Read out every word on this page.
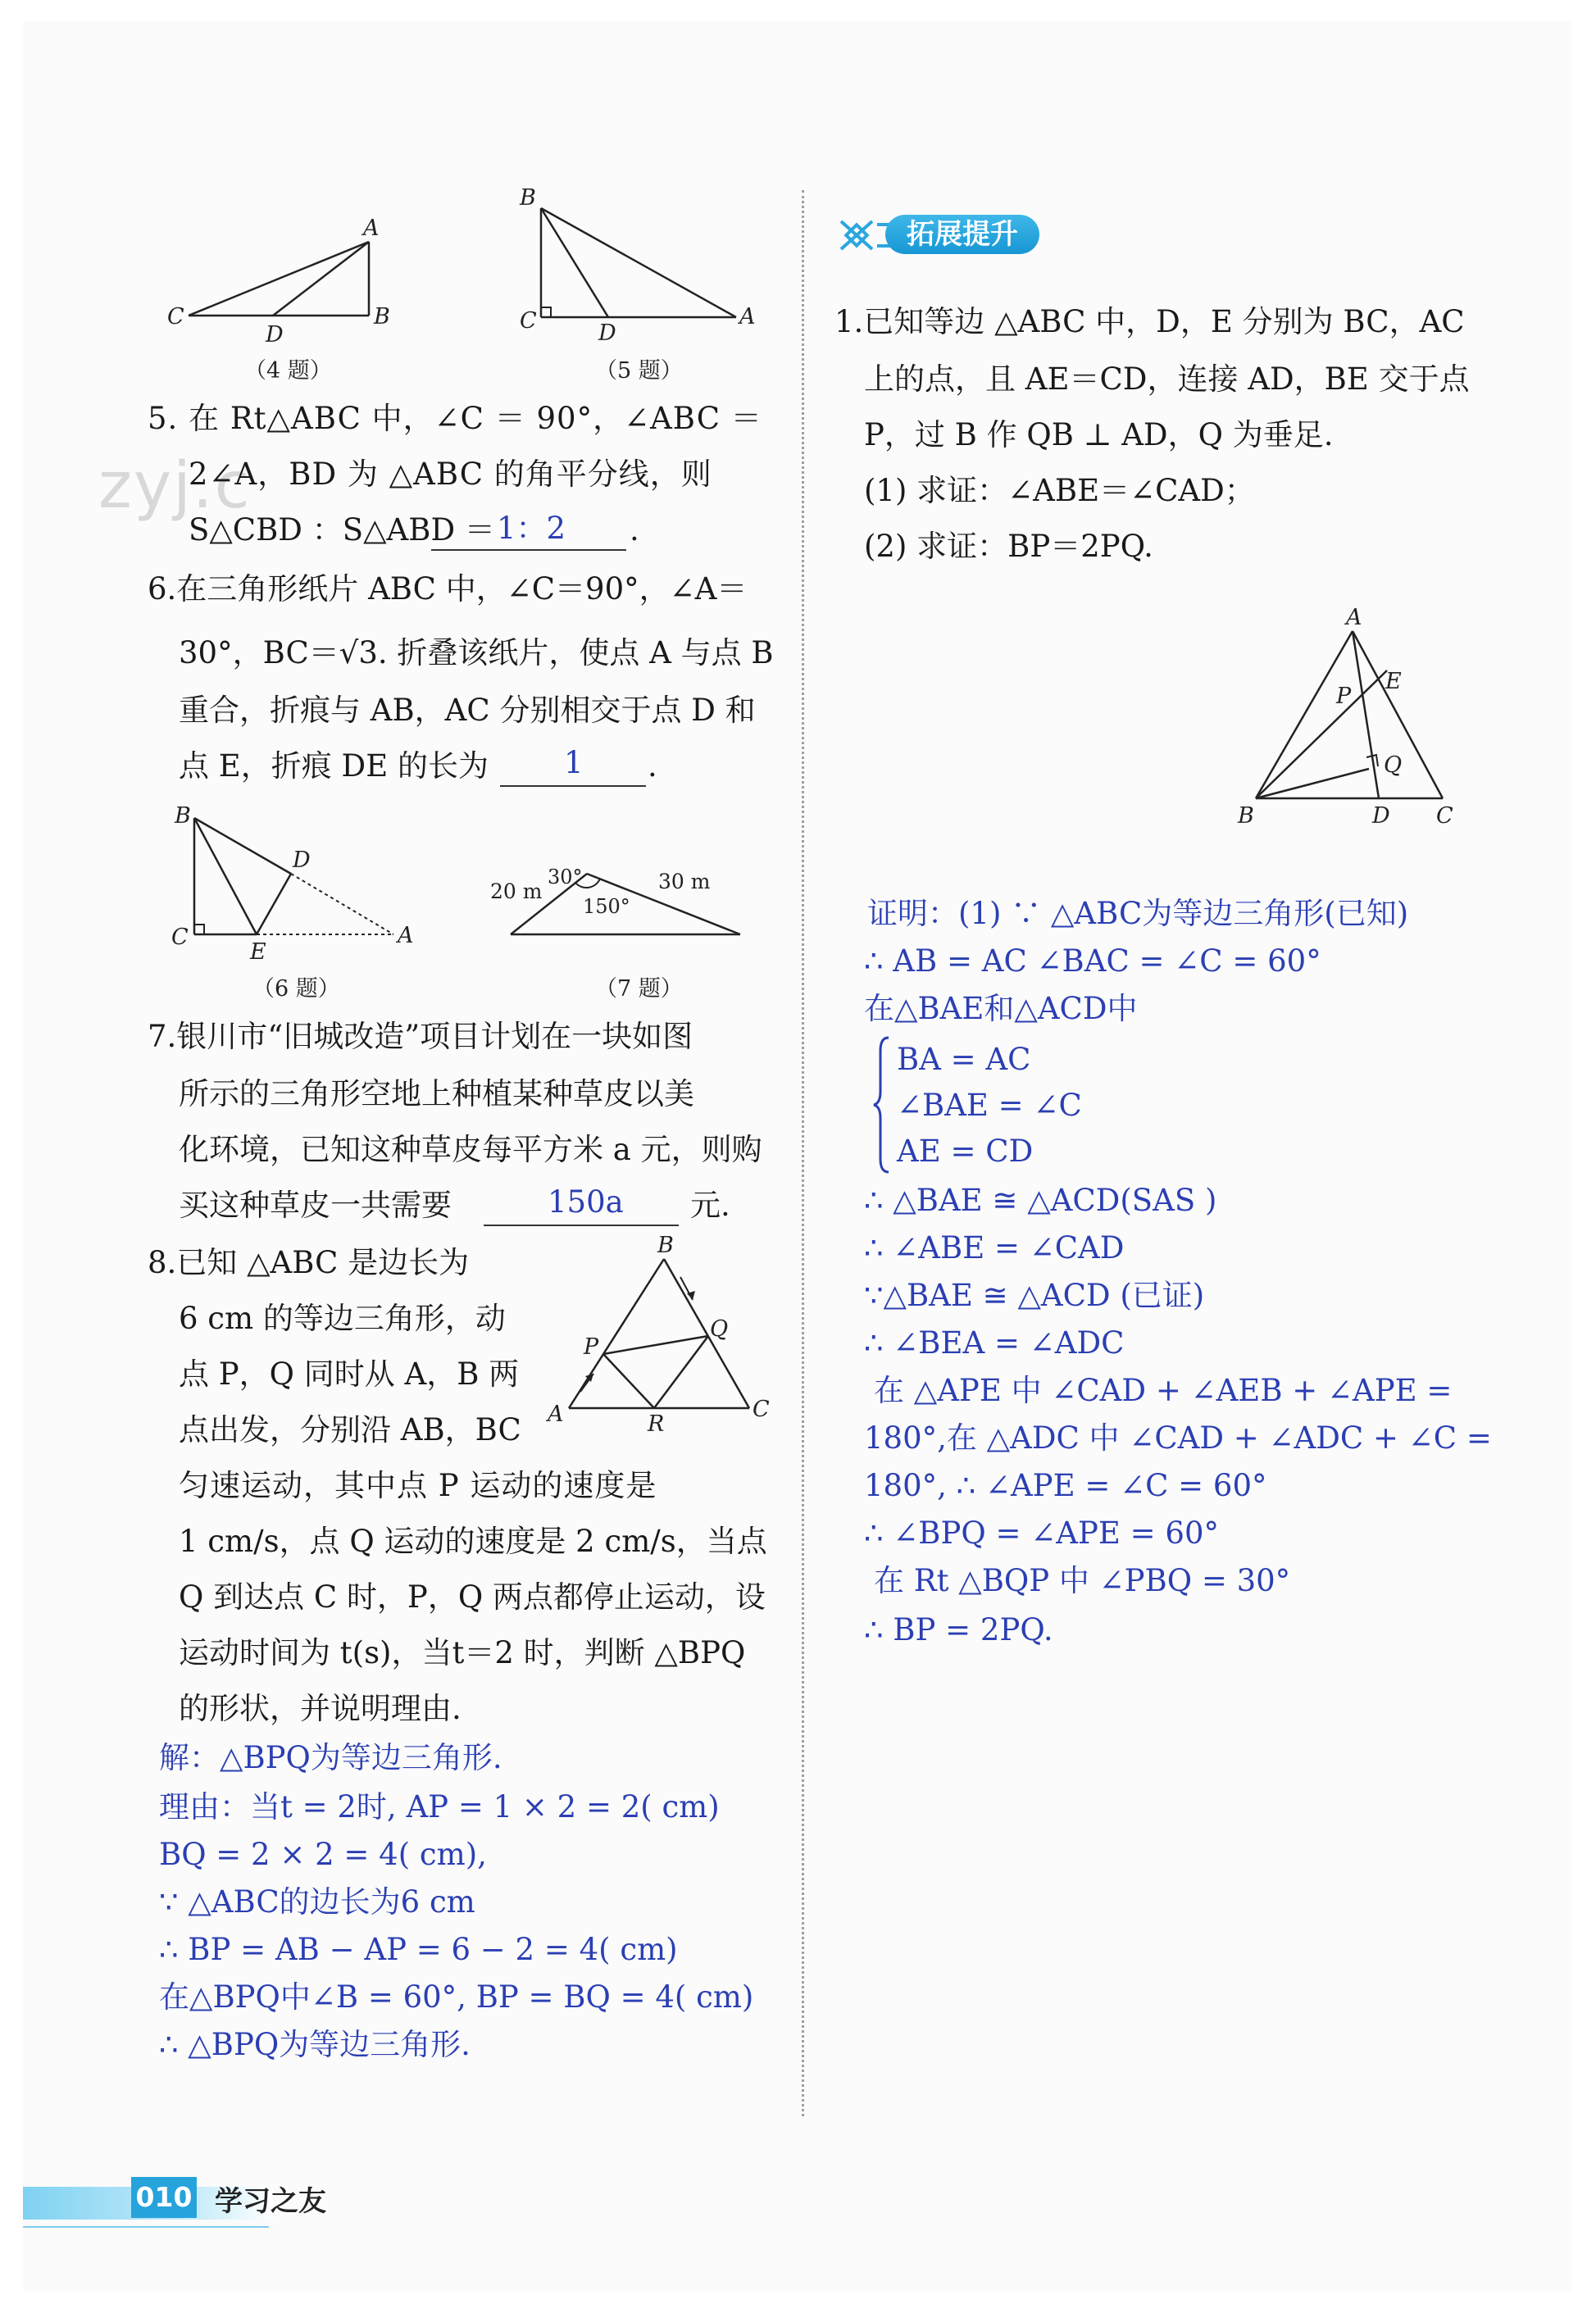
zyj.c
A
B
C
D
（4 题）
B
C	A
D
（5 题）
5. 在 Rt△ABC 中，∠C ＝ 90°，∠ABC ＝
2∠A，BD 为 △ABC 的角平分线，则
S△CBD ：S△ABD ＝ 1：2 .
6.在三角形纸片 ABC 中，∠C＝90°，∠A＝
30°，BC＝√3. 折叠该纸片，使点 A 与点 B
重合，折痕与 AB，AC 分别相交于点 D 和
点 E，折痕 DE 的长为 1 .
B
C	A
D
E
（6 题）
20 m	30 m
30°
150°
（7 题）
7.银川市“旧城改造”项目计划在一块如图
所示的三角形空地上种植某种草皮以美
化环境，已知这种草皮每平方米 a 元，则购
买这种草皮一共需要	150a 元.
8.已知 △ABC 是边长为
6 cm 的等边三角形，动
点 P，Q 同时从 A，B 两
点出发，分别沿 AB，BC
匀速运动，其中点 P 运动的速度是
1 cm/s，点 Q 运动的速度是 2 cm/s，当点
Q 到达点 C 时，P，Q 两点都停止运动，设
运动时间为 t(s)，当t＝2 时，判断 △BPQ
的形状，并说明理由.
B
A	C
P
Q
R
解：△BPQ为等边三角形.
理由：当t = 2时, AP = 1 × 2 = 2( cm)
BQ = 2 × 2 = 4( cm),
∵ △ABC的边长为6 cm
∴ BP = AB − AP = 6 − 2 = 4( cm)
在△BPQ中∠B = 60°, BP = BQ = 4( cm)
∴ △BPQ为等边三角形.
拓展提升
1.已知等边 △ABC 中，D，E 分别为 BC，AC
上的点，且 AE＝CD，连接 AD，BE 交于点
P，过 B 作 QB ⊥ AD，Q 为垂足.
(1) 求证：∠ABE＝∠CAD；
(2) 求证：BP＝2PQ.
A
B	C
D
E
P
Q
证明：(1) ∵ △ABC为等边三角形(已知)
∴ AB = AC ∠BAC = ∠C = 60°
在△BAE和△ACD中
BA = AC
∠BAE = ∠C
AE = CD
∴ △BAE ≅ △ACD(SAS )
∴ ∠ABE = ∠CAD
∵△BAE ≅ △ACD (已证)
∴ ∠BEA = ∠ADC
在 △APE 中 ∠CAD + ∠AEB + ∠APE =
180°,在 △ADC 中 ∠CAD + ∠ADC + ∠C =
180°, ∴ ∠APE = ∠C = 60°
∴ ∠BPQ = ∠APE = 60°
在 Rt △BQP 中 ∠PBQ = 30°
∴ BP = 2PQ.
010 学习之友
